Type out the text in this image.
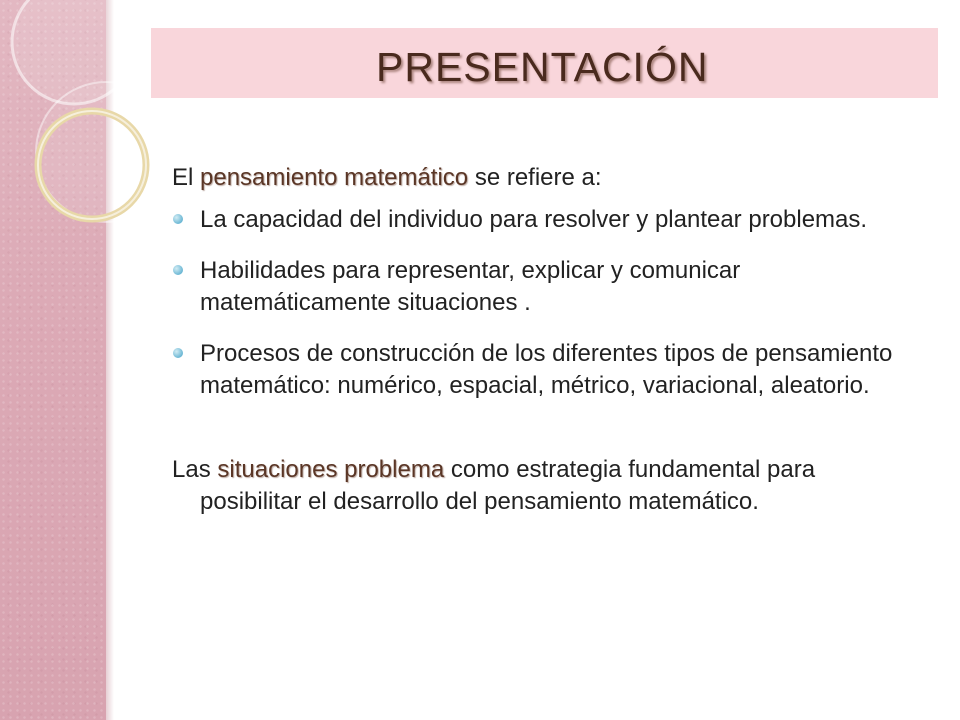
PRESENTACIÓN

El pensamiento matemático se refiere a:

La capacidad del individuo para resolver y plantear problemas.
Habilidades para representar, explicar y comunicar matemáticamente situaciones .
Procesos de construcción de los diferentes tipos de pensamiento matemático: numérico, espacial, métrico, variacional, aleatorio.

Las situaciones problema como estrategia fundamental para posibilitar el desarrollo del pensamiento matemático.
